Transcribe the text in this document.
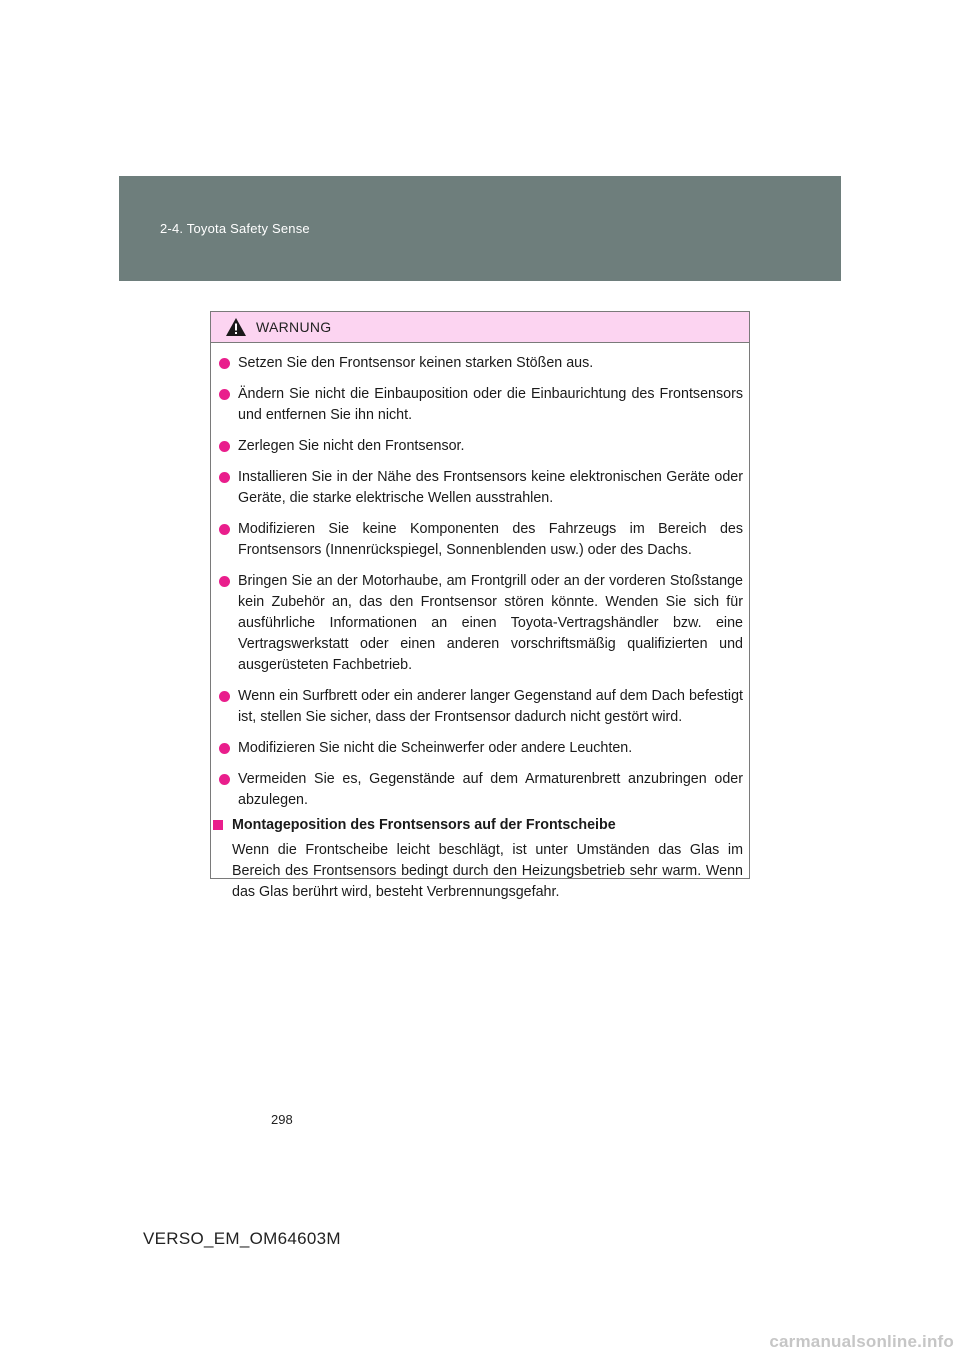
2-4. Toyota Safety Sense
WARNUNG
Setzen Sie den Frontsensor keinen starken Stößen aus.
Ändern Sie nicht die Einbauposition oder die Einbaurichtung des Frontsensors und entfernen Sie ihn nicht.
Zerlegen Sie nicht den Frontsensor.
Installieren Sie in der Nähe des Frontsensors keine elektronischen Geräte oder Geräte, die starke elektrische Wellen ausstrahlen.
Modifizieren Sie keine Komponenten des Fahrzeugs im Bereich des Frontsensors (Innenrückspiegel, Sonnenblenden usw.) oder des Dachs.
Bringen Sie an der Motorhaube, am Frontgrill oder an der vorderen Stoßstange kein Zubehör an, das den Frontsensor stören könnte. Wenden Sie sich für ausführliche Informationen an einen Toyota-Vertragshändler bzw. eine Vertragswerkstatt oder einen anderen vorschriftsmäßig qualifizierten und ausgerüsteten Fachbetrieb.
Wenn ein Surfbrett oder ein anderer langer Gegenstand auf dem Dach befestigt ist, stellen Sie sicher, dass der Frontsensor dadurch nicht gestört wird.
Modifizieren Sie nicht die Scheinwerfer oder andere Leuchten.
Vermeiden Sie es, Gegenstände auf dem Armaturenbrett anzubringen oder abzulegen.
Montageposition des Frontsensors auf der Frontscheibe
Wenn die Frontscheibe leicht beschlägt, ist unter Umständen das Glas im Bereich des Frontsensors bedingt durch den Heizungsbetrieb sehr warm. Wenn das Glas berührt wird, besteht Verbrennungsgefahr.
298
VERSO_EM_OM64603M
carmanualsonline.info
